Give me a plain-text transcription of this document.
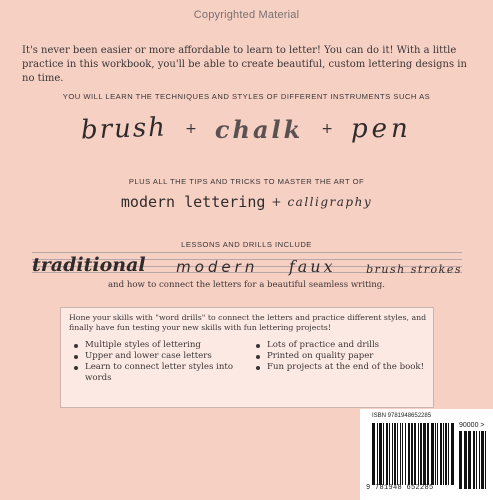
Copyrighted Material

It's never been easier or more affordable to learn to letter! You can do it! With a little practice in this workbook, you'll be able to create beautiful, custom lettering designs in no time.

YOU WILL LEARN THE TECHNIQUES AND STYLES OF DIFFERENT INSTRUMENTS SUCH AS
brush + chalk + pen
PLUS ALL THE TIPS AND TRICKS TO MASTER THE ART OF
modern lettering + calligraphy
LESSONS AND DRILLS INCLUDE
traditional modern faux	brush strokes
and how to connect the letters for a beautiful seamless writing.

Hone your skills with "word drills" to connect the letters and practice different styles, and finally have fun testing your new skills with fun lettering projects!

Multiple styles of lettering
Upper and lower case letters
Learn to connect letter styles into words
Lots of practice and drills
Printed on quality paper
Fun projects at the end of the book!
ISBN 9781948652285
90000 >
9 781948 652285
